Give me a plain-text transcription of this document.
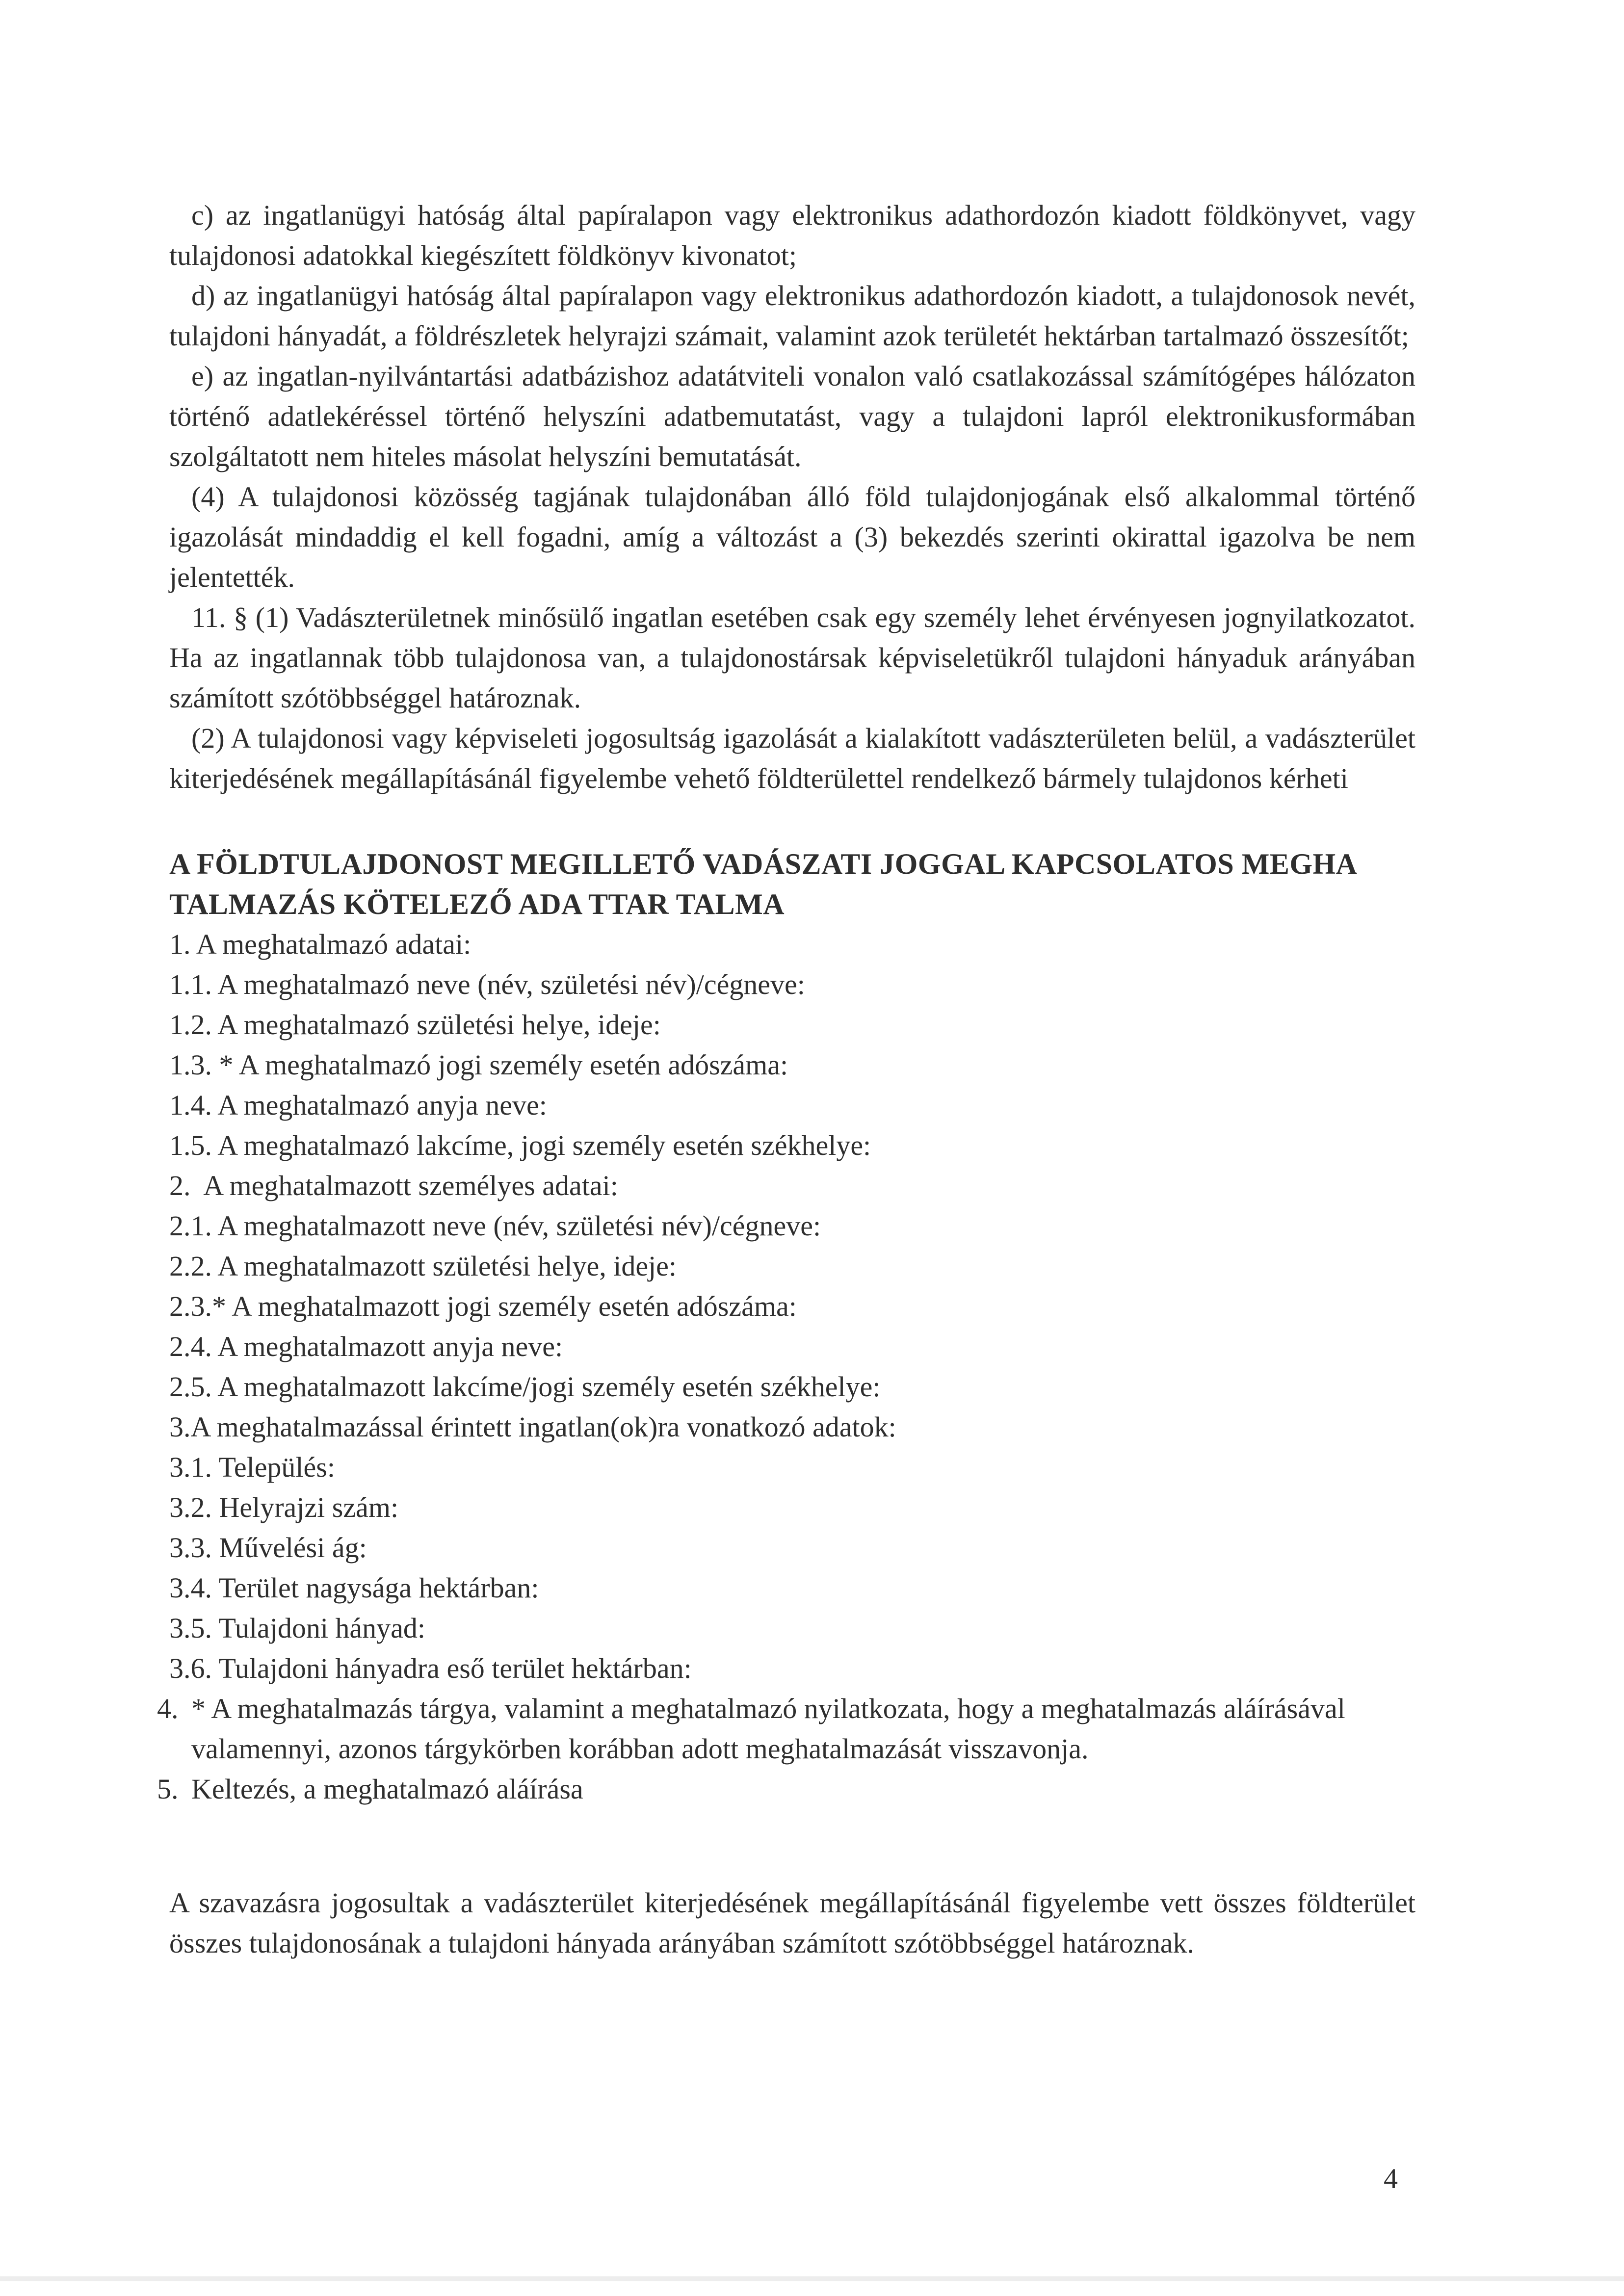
c) az ingatlanügyi hatóság által papíralapon vagy elektronikus adathordozón kiadott földkönyvet, vagy tulajdonosi adatokkal kiegészített földkönyv kivonatot;

d) az ingatlanügyi hatóság által papíralapon vagy elektronikus adathordozón kiadott, a tulajdonosok nevét, tulajdoni hányadát, a földrészletek helyrajzi számait, valamint azok területét hektárban tartalmazó összesítőt;

e) az ingatlan-nyilvántartási adatbázishoz adatátviteli vonalon való csatlakozással számítógépes hálózaton történő adatlekéréssel történő helyszíni adatbemutatást, vagy a tulajdoni lapról elektronikusformában szolgáltatott nem hiteles másolat helyszíni bemutatását.

(4) A tulajdonosi közösség tagjának tulajdonában álló föld tulajdonjogának első alkalommal történő igazolását mindaddig el kell fogadni, amíg a változást a (3) bekezdés szerinti okirattal igazolva be nem jelentették.

11. § (1) Vadászterületnek minősülő ingatlan esetében csak egy személy lehet érvényesen jognyilatkozatot. Ha az ingatlannak több tulajdonosa van, a tulajdonostársak képviseletükről tulajdoni hányaduk arányában számított szótöbbséggel határoznak.

(2) A tulajdonosi vagy képviseleti jogosultság igazolását a kialakított vadászterületen belül, a vadászterület kiterjedésének megállapításánál figyelembe vehető földterülettel rendelkező bármely tulajdonos kérheti

A FÖLDTULAJDONOST MEGILLETŐ VADÁSZATI JOGGAL KAPCSOLATOS MEGHA
TALMAZÁS KÖTELEZŐ ADA TTAR TALMA
1. A meghatalmazó adatai:
1.1. A meghatalmazó neve (név, születési név)/cégneve:
1.2. A meghatalmazó születési helye, ideje:
1.3. * A meghatalmazó jogi személy esetén adószáma:
1.4. A meghatalmazó anyja neve:
1.5. A meghatalmazó lakcíme, jogi személy esetén székhelye:
2.  A meghatalmazott személyes adatai:
2.1. A meghatalmazott neve (név, születési név)/cégneve:
2.2. A meghatalmazott születési helye, ideje:
2.3.* A meghatalmazott jogi személy esetén adószáma:
2.4. A meghatalmazott anyja neve:
2.5. A meghatalmazott lakcíme/jogi személy esetén székhelye:
3.A meghatalmazással érintett ingatlan(ok)ra vonatkozó adatok:
3.1. Település:
3.2. Helyrajzi szám:
3.3. Művelési ág:
3.4. Terület nagysága hektárban:
3.5. Tulajdoni hányad:
3.6. Tulajdoni hányadra eső terület hektárban:
4. * A meghatalmazás tárgya, valamint a meghatalmazó nyilatkozata, hogy a meghatalmazás aláírásával valamennyi, azonos tárgykörben korábban adott meghatalmazását visszavonja.
5. Keltezés, a meghatalmazó aláírása

A szavazásra jogosultak a vadászterület kiterjedésének megállapításánál figyelembe vett összes földterület összes tulajdonosának a tulajdoni hányada arányában számított szótöbbséggel határoznak.

4
